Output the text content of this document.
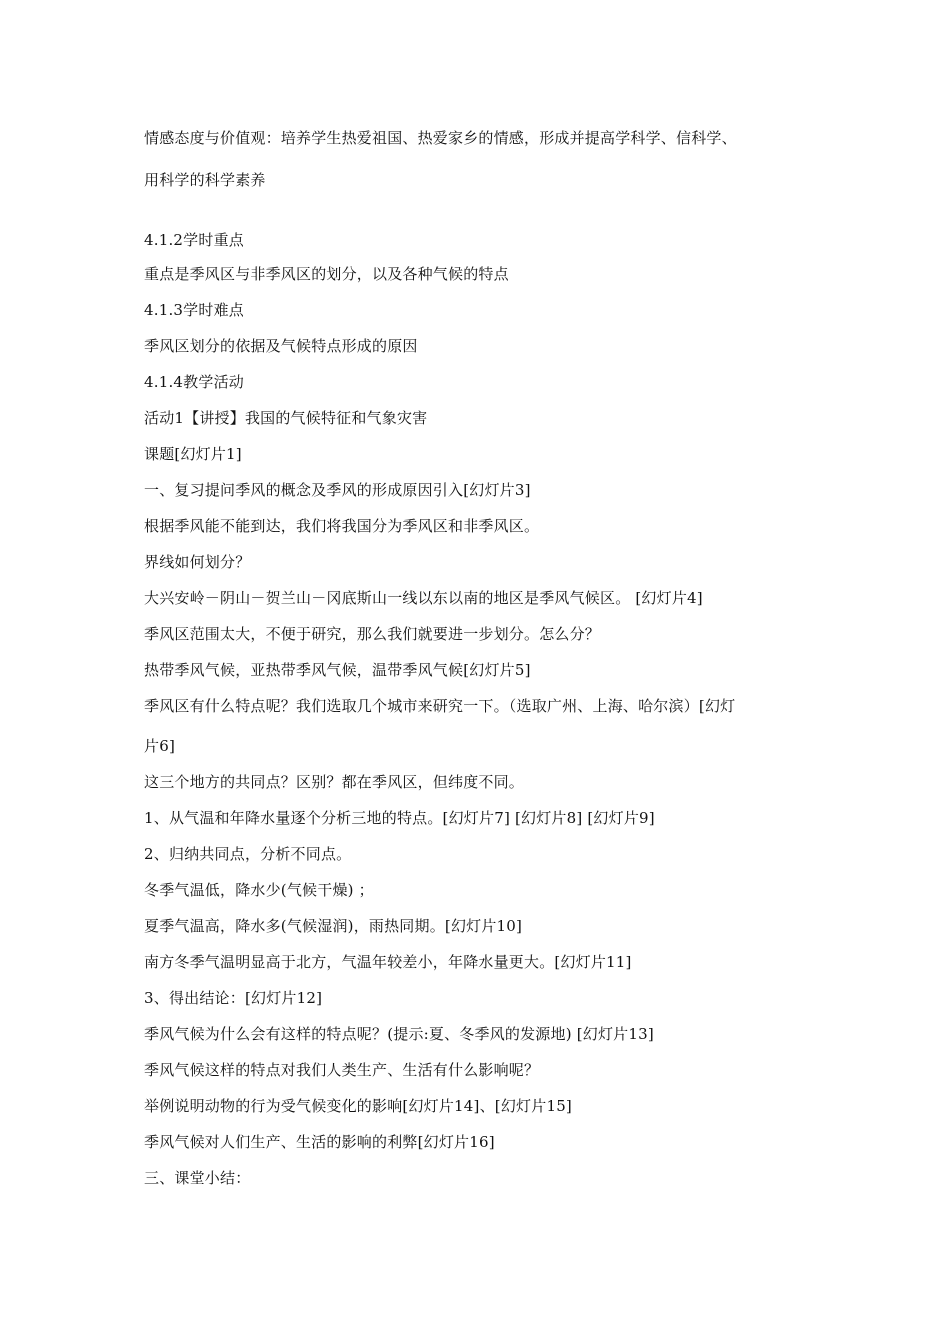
情感态度与价值观：培养学生热爱祖国、热爱家乡的情感，形成并提高学科学、信科学、
用科学的科学素养
4.1.2学时重点
重点是季风区与非季风区的划分，以及各种气候的特点
4.1.3学时难点
季风区划分的依据及气候特点形成的原因
4.1.4教学活动
活动1【讲授】我国的气候特征和气象灾害
课题[幻灯片1]
一、复习提问季风的概念及季风的形成原因引入[幻灯片3]
根据季风能不能到达，我们将我国分为季风区和非季风区。
界线如何划分？
大兴安岭－阴山－贺兰山－冈底斯山一线以东以南的地区是季风气候区。 [幻灯片4]
季风区范围太大，不便于研究，那么我们就要进一步划分。怎么分？
热带季风气候，亚热带季风气候，温带季风气候[幻灯片5]
季风区有什么特点呢？我们选取几个城市来研究一下。（选取广州、上海、哈尔滨）[幻灯
片6]
这三个地方的共同点？区别？都在季风区，但纬度不同。
1、从气温和年降水量逐个分析三地的特点。[幻灯片7] [幻灯片8] [幻灯片9]
2、归纳共同点，分析不同点。
冬季气温低，降水少(气候干燥) ；
夏季气温高，降水多(气候湿润)，雨热同期。[幻灯片10]
南方冬季气温明显高于北方，气温年较差小，年降水量更大。[幻灯片11]
3、得出结论：[幻灯片12]
季风气候为什么会有这样的特点呢？(提示:夏、冬季风的发源地) [幻灯片13]
季风气候这样的特点对我们人类生产、生活有什么影响呢？
举例说明动物的行为受气候变化的影响[幻灯片14]、[幻灯片15]
季风气候对人们生产、生活的影响的利弊[幻灯片16]
三、课堂小结：
